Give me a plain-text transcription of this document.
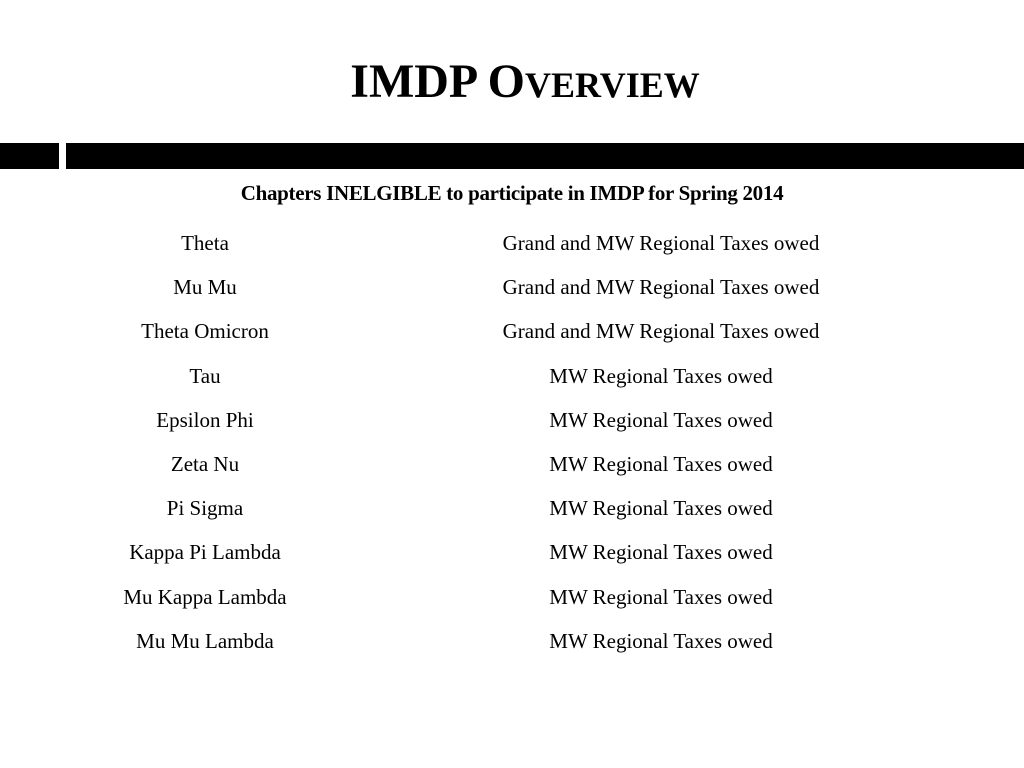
IMDP OVERVIEW
Chapters INELGIBLE to participate in IMDP for Spring 2014
Theta	Grand and MW Regional Taxes owed
Mu Mu	Grand and MW Regional Taxes owed
Theta Omicron	Grand and MW Regional Taxes owed
Tau	MW Regional Taxes owed
Epsilon Phi	MW Regional Taxes owed
Zeta Nu	MW Regional Taxes owed
Pi Sigma	MW Regional Taxes owed
Kappa Pi Lambda	MW Regional Taxes owed
Mu Kappa Lambda	MW Regional Taxes owed
Mu Mu Lambda	MW Regional Taxes owed
